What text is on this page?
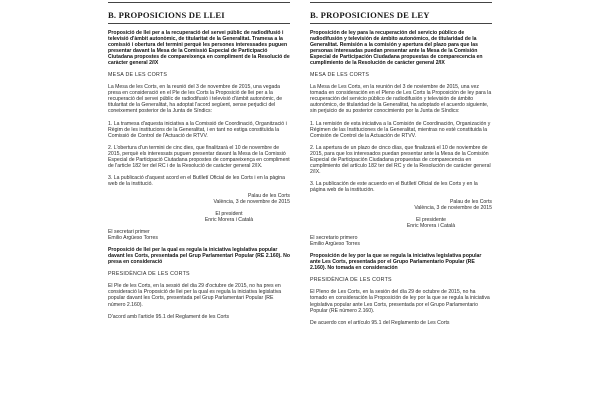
B. PROPOSICIONS DE LLEI

Proposició de llei per a la recuperació del servei públic de radiodifusió i televisió d'àmbit autonòmic, de titularitat de la Generalitat. Tramesa a la comissió i obertura del termini perquè les persones interessades puguen presentar davant la Mesa de la Comissió Especial de Participació Ciutadana propostes de compareixença en compliment de la Resolució de caràcter general 2/IX

MESA DE LES CORTS

La Mesa de les Corts, en la reunió del 3 de novembre de 2015, una vegada presa en consideració en el Ple de les Corts la Proposició de llei per a la recuperació del servei públic de radiodifusió i televisió d'àmbit autonòmic, de titularitat de la Generalitat, ha adoptat l'acord següent, sense perjudici del coneixement posterior de la Junta de Síndics:

1. La tramesa d'aquesta iniciativa a la Comissió de Coordinació, Organització i Règim de les institucions de la Generalitat, i en tant no estiga constituïda la Comissió de Control de l'Actuació de RTVV.

2. L'obertura d'un termini de cinc dies, que finalitzarà el 10 de novembre de 2015, perquè els interessats puguen presentar davant la Mesa de la Comissió Especial de Participació Ciutadana propostes de compareixença en compliment de l'article 182 ter del RC i de la Resolució de caràcter general 2/IX.

3. La publicació d'aquest acord en el Butlletí Oficial de les Corts i en la pàgina web de la institució.

Palau de les Corts

València, 3 de novembre de 2015

El president

Enric Morera i Català

El secretari primer

Emilio Argüeso Torres

Proposició de llei per la qual es regula la iniciativa legislativa popular davant les Corts, presentada pel Grup Parlamentari Popular (RE 2.160). No presa en consideració

PRESIDÈNCIA DE LES CORTS

El Ple de les Corts, en la sessió del dia 29 d'octubre de 2015, no ha pres en consideració la Proposició de llei per la qual es regula la iniciativa legislativa popular davant les Corts, presentada pel Grup Parlamentari Popular (RE número 2.160).

D'acord amb l'article 95.1 del Reglament de les Corts

B. PROPOSICIONES DE LEY

Proposición de ley para la recuperación del servicio público de radiodifusión y televisión de ámbito autonómico, de titularidad de la Generalitat. Remisión a la comisión y apertura del plazo para que las personas interesadas puedan presentar ante la Mesa de la Comisión Especial de Participación Ciudadana propuestas de comparecencia en cumplimiento de la Resolución de carácter general 2/IX

MESA DE LES CORTS

La Mesa de Les Corts, en la reunión del 3 de noviembre de 2015, una vez tomada en consideración en el Pleno de Les Corts la Proposición de ley para la recuperación del servicio público de radiodifusión y televisión de ámbito autonómico, de titularidad de la Generalitat, ha adoptado el acuerdo siguiente, sin perjuicio de su posterior conocimiento por la Junta de Síndics:

1. La remisión de esta iniciativa a la Comisión de Coordinación, Organización y Régimen de las Instituciones de la Generalitat, mientras no esté constituida la Comisión de Control de la Actuación de RTVV.

2. La apertura de un plazo de cinco días, que finalizará el 10 de noviembre de 2015, para que los interesados puedan presentar ante la Mesa de la Comisión Especial de Participación Ciudadana propuestas de comparecencia en cumplimiento del artículo 182 ter del RC y de la Resolución de carácter general 2/IX.

3. La publicación de este acuerdo en el Butlletí Oficial de les Corts y en la página web de la institución.

Palau de les Corts

València, 3 de noviembre de 2015

El presidente

Enric Morera i Català

El secretario primero

Emilio Argüeso Torres

Proposición de ley por la que se regula la iniciativa legislativa popular ante Les Corts, presentada por el Grupo Parlamentario Popular (RE 2.160). No tomada en consideración

PRESIDÈNCIA DE LES CORTS

El Pleno de Les Corts, en la sesión del día 29 de octubre de 2015, no ha tomado en consideración la Proposición de ley por la que se regula la iniciativa legislativa popular ante Les Corts, presentada por el Grupo Parlamentario Popular (RE número 2.160).

De acuerdo con el artículo 95.1 del Reglamento de Les Corts
